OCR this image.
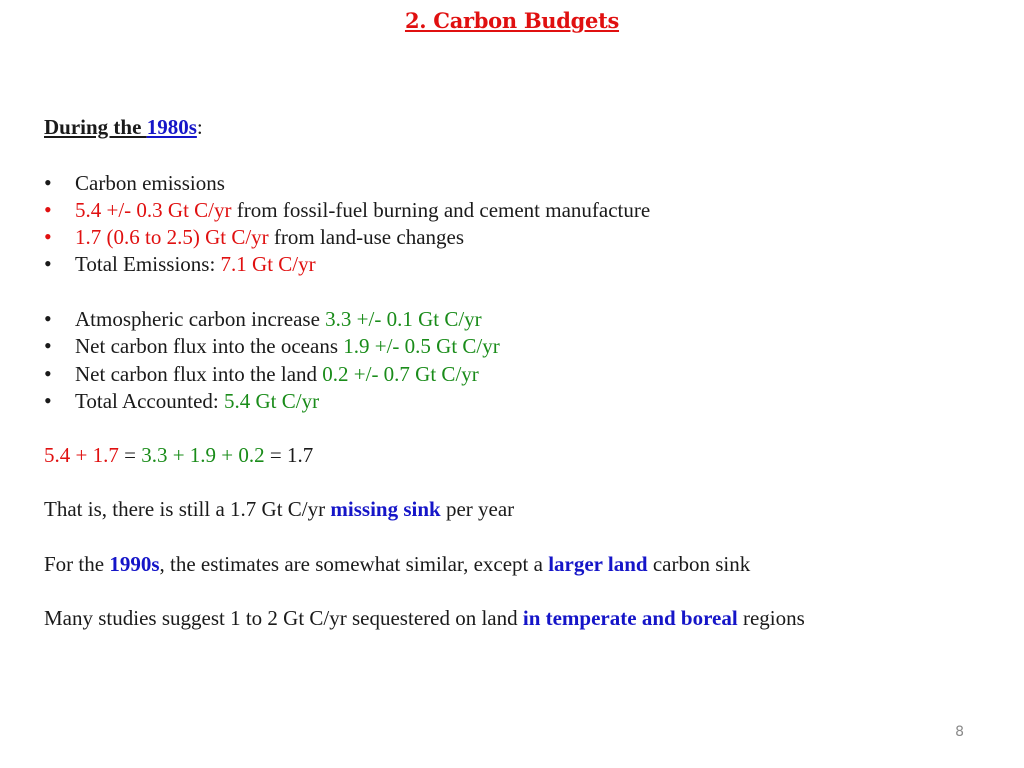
2. Carbon Budgets
During the 1980s:
•	Carbon emissions
•	5.4 +/- 0.3 Gt C/yr from fossil-fuel burning and cement manufacture
•	1.7 (0.6 to 2.5) Gt C/yr from land-use changes
•	Total Emissions: 7.1 Gt C/yr
•	Atmospheric carbon increase 3.3 +/- 0.1 Gt C/yr
•	Net carbon flux into the oceans 1.9 +/- 0.5 Gt C/yr
•	Net carbon flux into the land 0.2 +/- 0.7 Gt C/yr
•	Total Accounted: 5.4 Gt C/yr
5.4 + 1.7 = 3.3 + 1.9 + 0.2 = 1.7
That is, there is still a 1.7 Gt C/yr missing sink per year
For the 1990s, the estimates are somewhat similar, except a larger land carbon sink
Many studies suggest 1 to 2 Gt C/yr sequestered on land in temperate and boreal regions
8
